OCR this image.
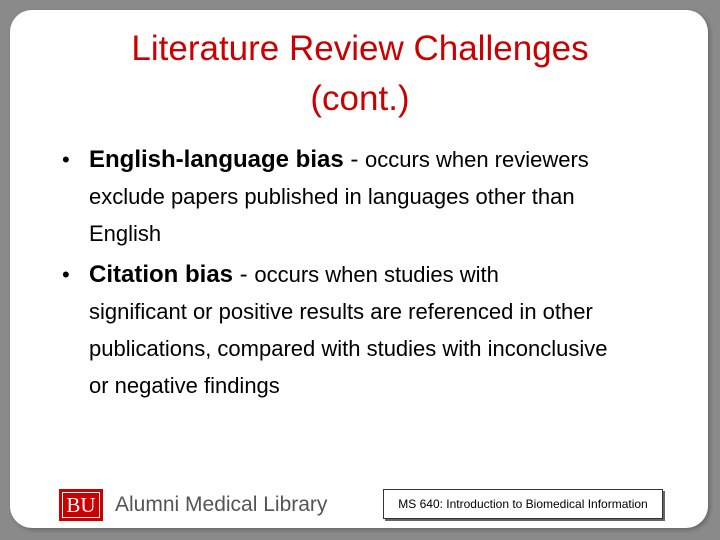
Literature Review Challenges
(cont.)
• English-language bias - occurs when reviewers
exclude papers published in languages other than
English
• Citation bias - occurs when studies with
significant or positive results are referenced in other
publications, compared with studies with inconclusive
or negative findings
BU Alumni Medical Library	MS 640: Introduction to Biomedical Information
